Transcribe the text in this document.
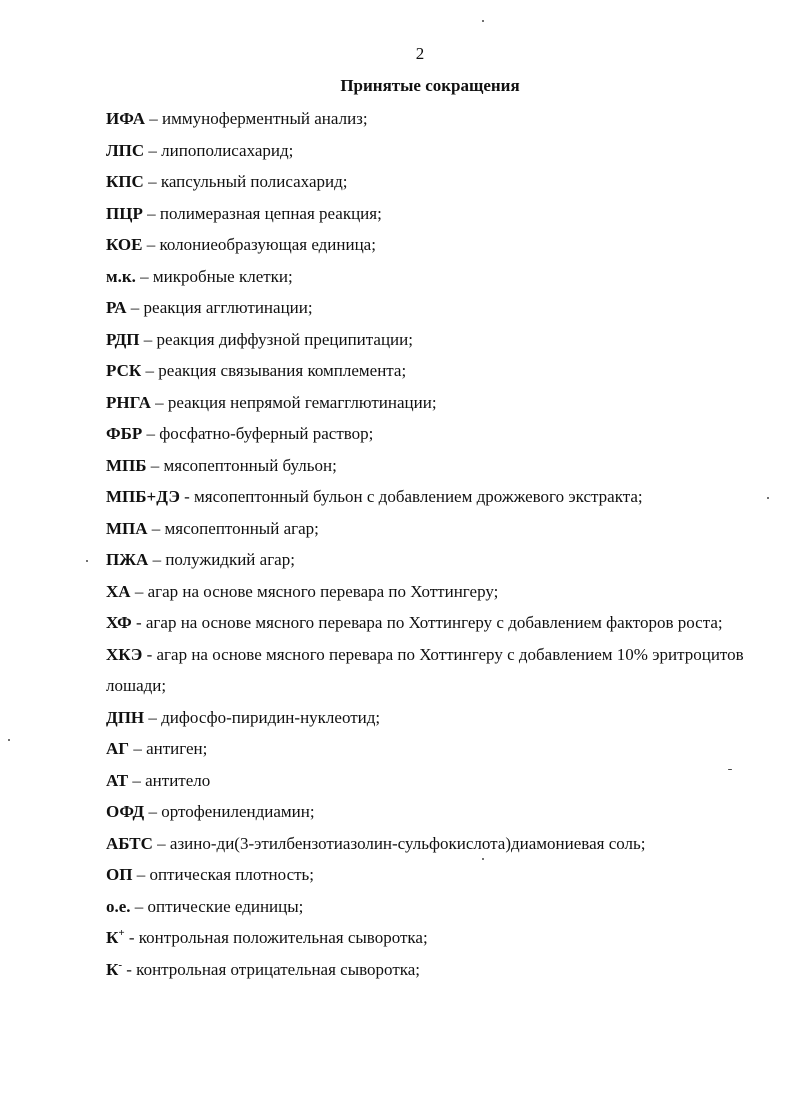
2
Принятые сокращения
ИФА – иммуноферментный анализ;
ЛПС – липополисахарид;
КПС – капсульный полисахарид;
ПЦР – полимеразная цепная реакция;
КОЕ – колониеобразующая единица;
м.к. – микробные клетки;
РА – реакция агглютинации;
РДП – реакция диффузной преципитации;
РСК – реакция связывания комплемента;
РНГА – реакция непрямой гемагглютинации;
ФБР – фосфатно-буферный раствор;
МПБ – мясопептонный бульон;
МПБ+ДЭ - мясопептонный бульон с добавлением дрожжевого экстракта;
МПА – мясопептонный агар;
ПЖА – полужидкий агар;
ХА – агар на основе мясного перевара по Хоттингеру;
ХФ - агар на основе мясного перевара по Хоттингеру с добавлением факторов роста;
ХКЭ - агар на основе мясного перевара по Хоттингеру с добавлением 10% эритроцитов лошади;
ДПН – дифосфо-пиридин-нуклеотид;
АГ – антиген;
АТ – антитело
ОФД – ортофенилендиамин;
АБТС – азино-ди(3-этилбензотиазолин-сульфокислота)диамониевая соль;
ОП – оптическая плотность;
о.е. – оптические единицы;
К+ - контрольная положительная сыворотка;
К- - контрольная отрицательная сыворотка;
